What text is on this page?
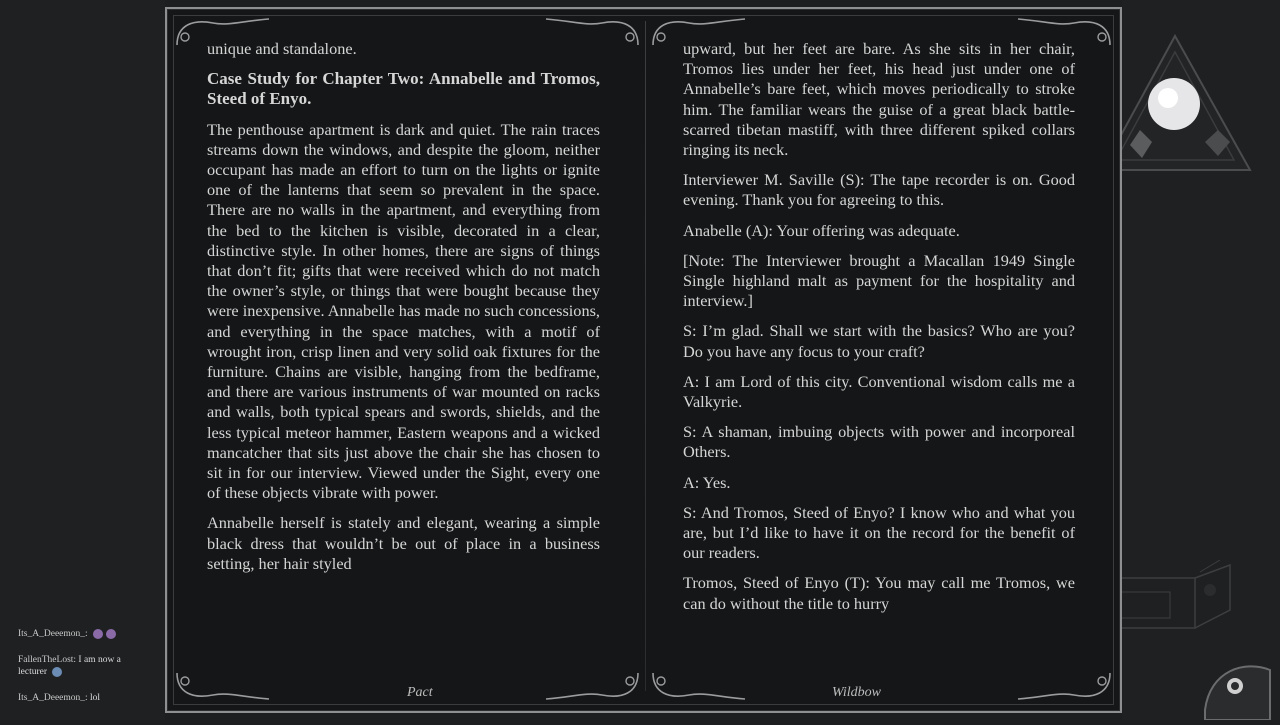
unique and standalone.

Case Study for Chapter Two: Annabelle and Tromos, Steed of Enyo.

The penthouse apartment is dark and quiet. The rain traces streams down the windows, and despite the gloom, neither occupant has made an effort to turn on the lights or ignite one of the lanterns that seem so prevalent in the space. There are no walls in the apartment, and everything from the bed to the kitchen is visible, decorated in a clear, distinctive style. In other homes, there are signs of things that don’t fit; gifts that were received which do not match the owner’s style, or things that were bought because they were inexpensive. Annabelle has made no such concessions, and everything in the space matches, with a motif of wrought iron, crisp linen and very solid oak fixtures for the furniture. Chains are visible, hanging from the bedframe, and there are various instruments of war mounted on racks and walls, both typical spears and swords, shields, and the less typical meteor hammer, Eastern weapons and a wicked mancatcher that sits just above the chair she has chosen to sit in for our interview. Viewed under the Sight, every one of these objects vibrate with power.

Annabelle herself is stately and elegant, wearing a simple black dress that wouldn’t be out of place in a business setting, her hair styled

upward, but her feet are bare. As she sits in her chair, Tromos lies under her feet, his head just under one of Annabelle’s bare feet, which moves periodically to stroke him. The familiar wears the guise of a great black battle-scarred tibetan mastiff, with three different spiked collars ringing its neck.

Interviewer M. Saville (S): The tape recorder is on. Good evening. Thank you for agreeing to this.

Anabelle (A): Your offering was adequate.

[Note: The Interviewer brought a Macallan 1949 Single Single highland malt as payment for the hospitality and interview.]

S: I’m glad. Shall we start with the basics? Who are you? Do you have any focus to your craft?

A: I am Lord of this city. Conventional wisdom calls me a Valkyrie.

S: A shaman, imbuing objects with power and incorporeal Others.

A: Yes.

S: And Tromos, Steed of Enyo? I know who and what you are, but I’d like to have it on the record for the benefit of our readers.

Tromos, Steed of Enyo (T): You may call me Tromos, we can do without the title to hurry

Pact	Wildbow
Its_A_Deeemon_:
FallenTheLost: I am now a lecturer
Its_A_Deeemon_: lol
